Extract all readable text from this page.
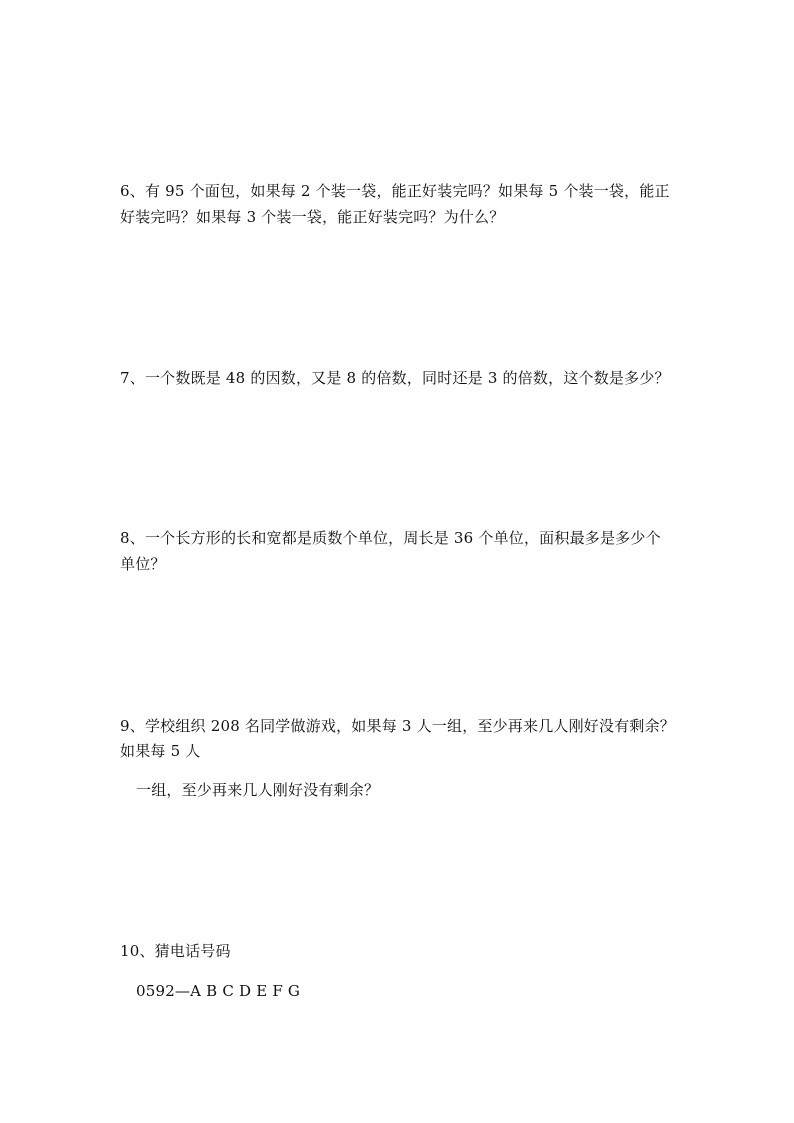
6、有 95 个面包，如果每 2 个装一袋，能正好装完吗？如果每 5 个装一袋，能正
好装完吗？如果每 3 个装一袋，能正好装完吗？为什么？
7、一个数既是 48 的因数，又是 8 的倍数，同时还是 3 的倍数，这个数是多少？
8、一个长方形的长和宽都是质数个单位，周长是 36 个单位，面积最多是多少个
单位？
9、学校组织 208 名同学做游戏，如果每 3 人一组，至少再来几人刚好没有剩余？
如果每 5 人
一组，至少再来几人刚好没有剩余？
10、猜电话号码
0592—A B C D E F G
